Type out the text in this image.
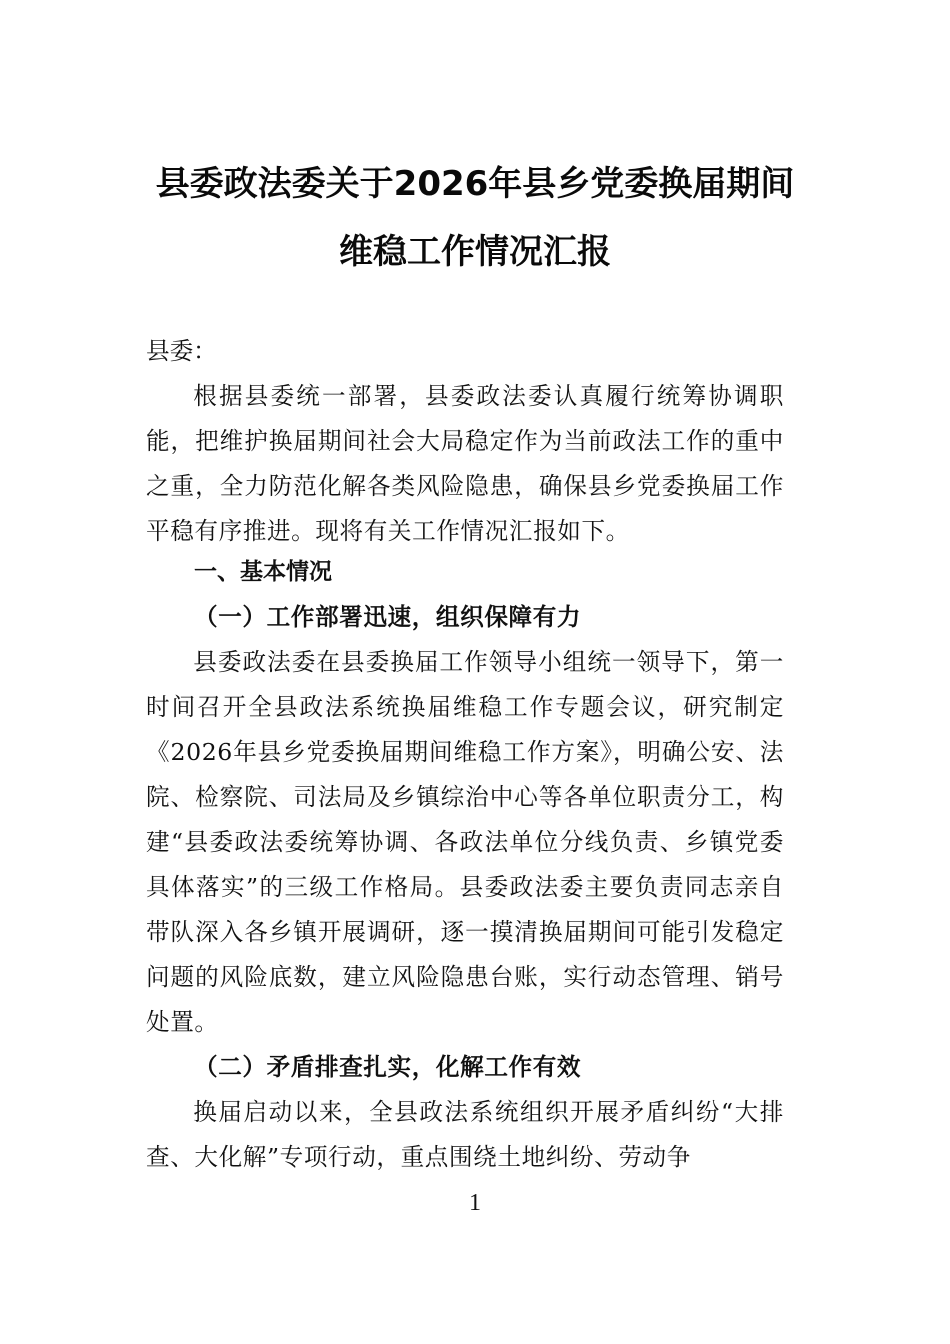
县委政法委关于2026年县乡党委换届期间
维稳工作情况汇报
县委：

根据县委统一部署，县委政法委认真履行统筹协调职能，把维护换届期间社会大局稳定作为当前政法工作的重中之重，全力防范化解各类风险隐患，确保县乡党委换届工作平稳有序推进。现将有关工作情况汇报如下。

一、基本情况
（一）工作部署迅速，组织保障有力

县委政法委在县委换届工作领导小组统一领导下，第一时间召开全县政法系统换届维稳工作专题会议，研究制定《2026年县乡党委换届期间维稳工作方案》，明确公安、法院、检察院、司法局及乡镇综治中心等各单位职责分工，构建“县委政法委统筹协调、各政法单位分线负责、乡镇党委具体落实”的三级工作格局。县委政法委主要负责同志亲自带队深入各乡镇开展调研，逐一摸清换届期间可能引发稳定问题的风险底数，建立风险隐患台账，实行动态管理、销号处置。

（二）矛盾排查扎实，化解工作有效

换届启动以来，全县政法系统组织开展矛盾纠纷“大排查、大化解”专项行动，重点围绕土地纠纷、劳动争

1
